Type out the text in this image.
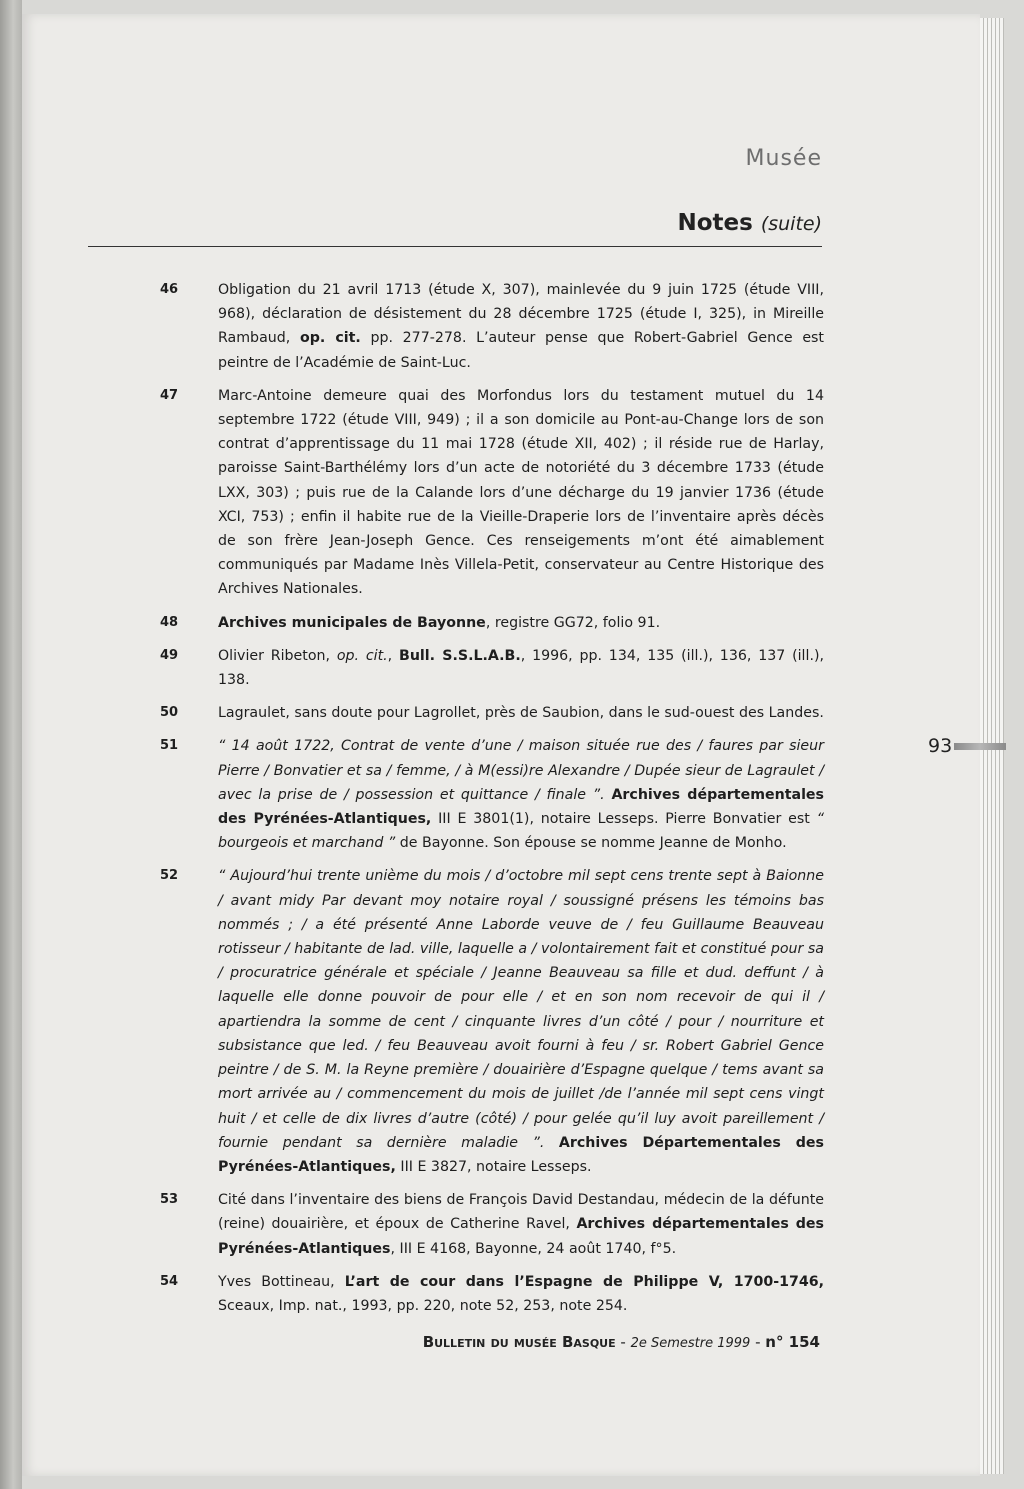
Musée
Notes (suite)
46	Obligation du 21 avril 1713 (étude X, 307), mainlevée du 9 juin 1725 (étude VIII, 968), déclaration de désistement du 28 décembre 1725 (étude I, 325), in Mireille Rambaud, op. cit. pp. 277-278. L’auteur pense que Robert-Gabriel Gence est peintre de l’Académie de Saint-Luc.
47	Marc-Antoine demeure quai des Morfondus lors du testament mutuel du 14 septembre 1722 (étude VIII, 949) ; il a son domicile au Pont-au-Change lors de son contrat d’apprentissage du 11 mai 1728 (étude XII, 402) ; il réside rue de Harlay, paroisse Saint-Barthélémy lors d’un acte de notoriété du 3 décembre 1733 (étude LXX, 303) ; puis rue de la Calande lors d’une décharge du 19 janvier 1736 (étude XCI, 753) ; enfin il habite rue de la Vieille-Draperie lors de l’inventaire après décès de son frère Jean-Joseph Gence. Ces renseigements m’ont été aimablement communiqués par Madame Inès Villela-Petit, conservateur au Centre Historique des Archives Nationales.
48	Archives municipales de Bayonne, registre GG72, folio 91.
49	Olivier Ribeton, op. cit., Bull. S.S.L.A.B., 1996, pp. 134, 135 (ill.), 136, 137 (ill.), 138.
50	Lagraulet, sans doute pour Lagrollet, près de Saubion, dans le sud-ouest des Landes.
51	“ 14 août 1722, Contrat de vente d’une / maison située rue des / faures par sieur Pierre / Bonvatier et sa / femme, / à M(essi)re Alexandre / Dupée sieur de Lagraulet / avec la prise de / possession et quittance / finale ”. Archives départementales des Pyrénées-Atlantiques, III E 3801(1), notaire Lesseps. Pierre Bonvatier est “ bourgeois et marchand ” de Bayonne. Son épouse se nomme Jeanne de Monho.
52	“ Aujourd’hui trente unième du mois / d’octobre mil sept cens trente sept à Baionne / avant midy Par devant moy notaire royal / soussigné présens les témoins bas nommés ; / a été présenté Anne Laborde veuve de / feu Guillaume Beauveau rotisseur / habitante de lad. ville, laquelle a / volontairement fait et constitué pour sa / procuratrice générale et spéciale / Jeanne Beauveau sa fille et dud. deffunt / à laquelle elle donne pouvoir de pour elle / et en son nom recevoir de qui il / apartiendra la somme de cent / cinquante livres d’un côté / pour / nourriture et subsistance que led. / feu Beauveau avoit fourni à feu / sr. Robert Gabriel Gence peintre / de S. M. la Reyne première / douairière d’Espagne quelque / tems avant sa mort arrivée au / commencement du mois de juillet /de l’année mil sept cens vingt huit / et celle de dix livres d’autre (côté) / pour gelée qu’il luy avoit pareillement / fournie pendant sa dernière maladie ”. Archives Départementales des Pyrénées-Atlantiques, III E 3827, notaire Lesseps.
53	Cité dans l’inventaire des biens de François David Destandau, médecin de la défunte (reine) douairière, et époux de Catherine Ravel, Archives départementales des Pyrénées-Atlantiques, III E 4168, Bayonne, 24 août 1740, f°5.
54	Yves Bottineau, L’art de cour dans l’Espagne de Philippe V, 1700-1746, Sceaux, Imp. nat., 1993, pp. 220, note 52, 253, note 254.
93
Bulletin du musée Basque - 2e Semestre 1999 - n° 154
